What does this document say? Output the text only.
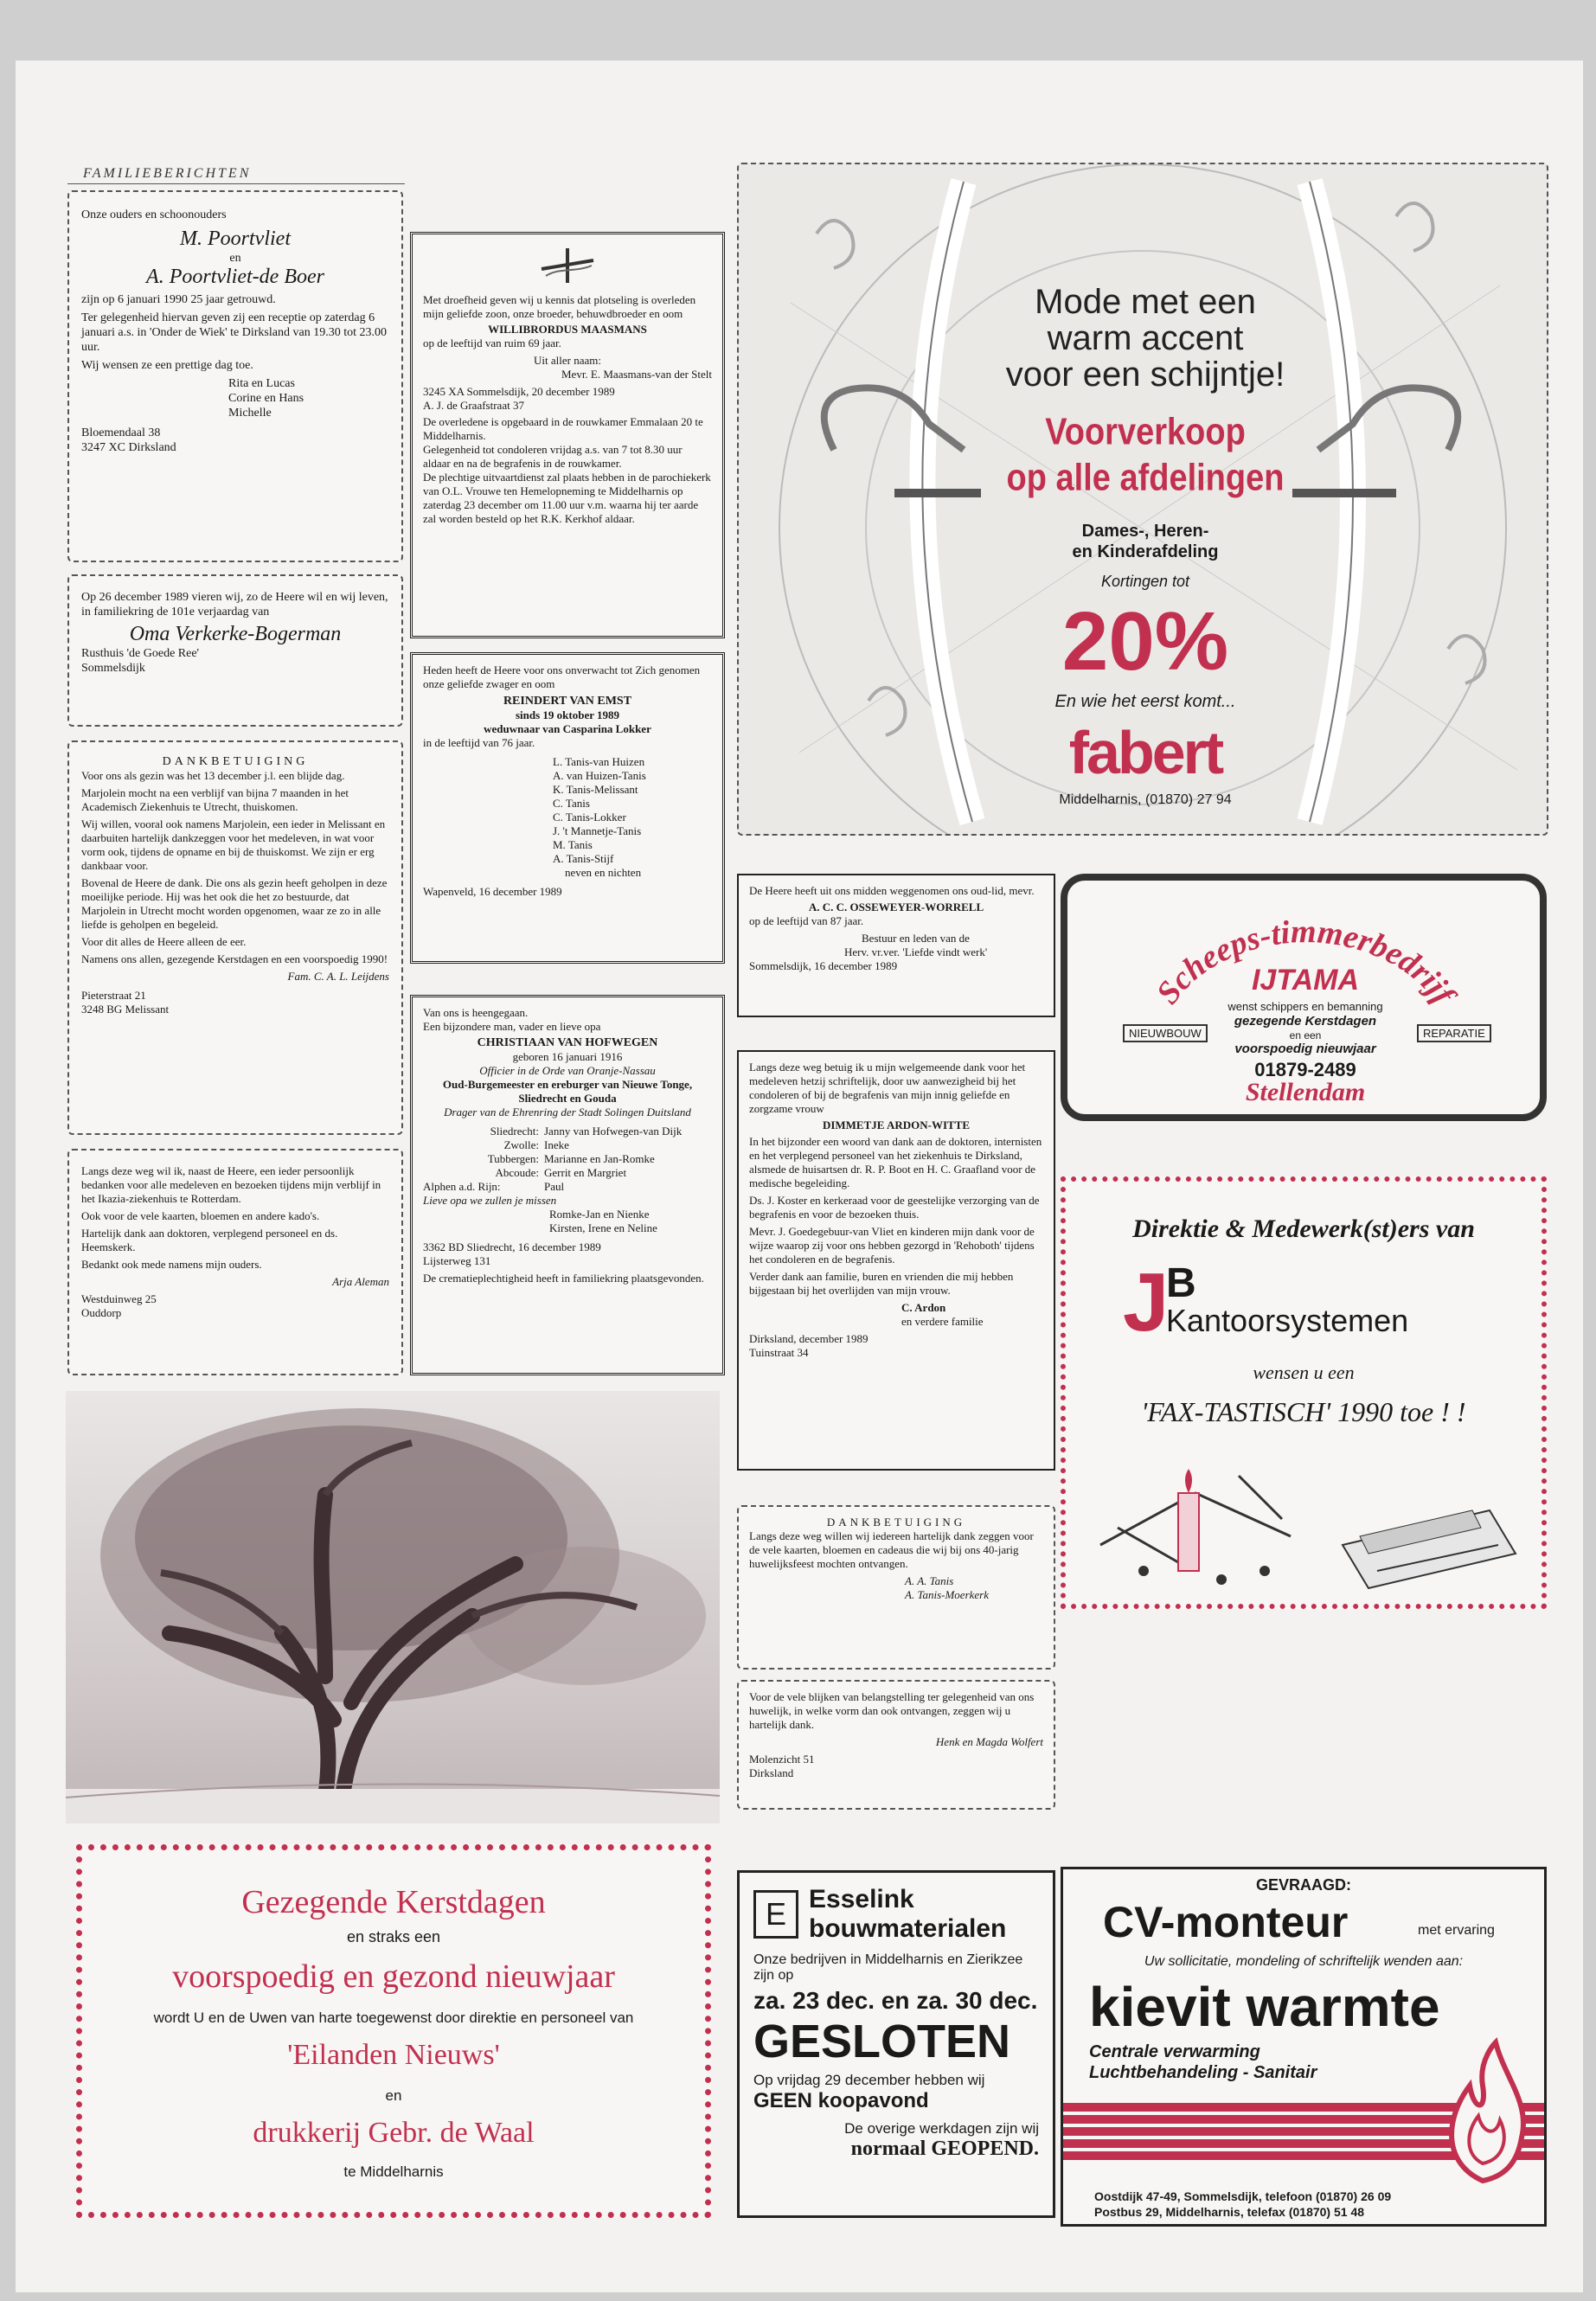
FAMILIEBERICHTEN
Onze ouders en schoonouders
M. Poortvliet
en
A. Poortvliet-de Boer
zijn op 6 januari 1990 25 jaar getrouwd.
Ter gelegenheid hiervan geven zij een receptie op zaterdag 6 januari a.s. in 'Onder de Wiek' te Dirksland van 19.30 tot 23.00 uur.
Wij wensen ze een prettige dag toe.
Rita en Lucas
Corine en Hans
Michelle
Bloemendaal 38
3247 XC Dirksland
Op 26 december 1989 vieren wij, zo de Heere wil en wij leven, in familiekring de 101e verjaardag van
Oma Verkerke-Bogerman
Rusthuis 'de Goede Ree'
Sommelsdijk
DANKBETUIGING
Voor ons als gezin was het 13 december j.l. een blijde dag.
Marjolein mocht na een verblijf van bijna 7 maanden in het Academisch Ziekenhuis te Utrecht, thuiskomen.
Wij willen, vooral ook namens Marjolein, een ieder in Melissant en daarbuiten hartelijk dankzeggen voor het medeleven, in wat voor vorm ook, tijdens de opname en bij de thuiskomst. We zijn er erg dankbaar voor.
Bovenal de Heere de dank. Die ons als gezin heeft geholpen in deze moeilijke periode. Hij was het ook die het zo bestuurde, dat Marjolein in Utrecht mocht worden opgenomen, waar ze zo in alle liefde is geholpen en begeleid.
Voor dit alles de Heere alleen de eer.
Namens ons allen, gezegende Kerstdagen en een voorspoedig 1990!
Fam. C. A. L. Leijdens
Pieterstraat 21
3248 BG Melissant
Langs deze weg wil ik, naast de Heere, een ieder persoonlijk bedanken voor alle medeleven en bezoeken tijdens mijn verblijf in het Ikazia-ziekenhuis te Rotterdam.
Ook voor de vele kaarten, bloemen en andere kado's.
Hartelijk dank aan doktoren, verplegend personeel en ds. Heemskerk.
Bedankt ook mede namens mijn ouders.
Arja Aleman
Westduinweg 25
Ouddorp
Met droefheid geven wij u kennis dat plotseling is overleden mijn geliefde zoon, onze broeder, behuwdbroeder en oom
WILLIBRORDUS MAASMANS
op de leeftijd van ruim 69 jaar.
Uit aller naam:
Mevr. E. Maasmans-van der Stelt
3245 XA Sommelsdijk, 20 december 1989
A. J. de Graafstraat 37
De overledene is opgebaard in de rouwkamer Emmalaan 20 te Middelharnis.
Gelegenheid tot condoleren vrijdag a.s. van 7 tot 8.30 uur aldaar en na de begrafenis in de rouwkamer.
De plechtige uitvaartdienst zal plaats hebben in de parochiekerk van O.L. Vrouwe ten Hemelopneming te Middelharnis op zaterdag 23 december om 11.00 uur v.m. waarna hij ter aarde zal worden besteld op het R.K. Kerkhof aldaar.
Heden heeft de Heere voor ons onverwacht tot Zich genomen onze geliefde zwager en oom
REINDERT VAN EMST
sinds 19 oktober 1989
weduwnaar van Casparina Lokker
in de leeftijd van 76 jaar.
L. Tanis-van Huizen
A. van Huizen-Tanis
K. Tanis-Melissant
C. Tanis
C. Tanis-Lokker
J. 't Mannetje-Tanis
M. Tanis
A. Tanis-Stijf
neven en nichten
Wapenveld, 16 december 1989
Van ons is heengegaan.
Een bijzondere man, vader en lieve opa
CHRISTIAAN VAN HOFWEGEN
geboren 16 januari 1916
Officier in de Orde van Oranje-Nassau
Oud-Burgemeester en ereburger van Nieuwe Tonge, Sliedrecht en Gouda
Drager van de Ehrenring der Stadt Solingen Duitsland
Sliedrecht: Janny van Hofwegen-van Dijk
Zwolle: Ineke
Tubbergen: Marianne en Jan-Romke
Abcoude: Gerrit en Margriet
Alphen a.d. Rijn:	Paul
Lieve opa we zullen je missen
Romke-Jan en Nienke
Kirsten, Irene en Neline
3362 BD Sliedrecht, 16 december 1989
Lijsterweg 131
De crematieplechtigheid heeft in familiekring plaatsgevonden.
Mode met een
warm accent
voor een schijntje!
Voorverkoop
op alle afdelingen
Dames-, Heren-
en Kinderafdeling
Kortingen tot
20%
En wie het eerst komt...
fabert
Middelharnis, (01870) 27 94
De Heere heeft uit ons midden weggenomen ons oud-lid, mevr.
A. C. C. OSSEWEYER-WORRELL
op de leeftijd van 87 jaar.
Bestuur en leden van de
Herv. vr.ver. 'Liefde vindt werk'
Sommelsdijk, 16 december 1989
Langs deze weg betuig ik u mijn welgemeende dank voor het medeleven hetzij schriftelijk, door uw aanwezigheid bij het condoleren of bij de begrafenis van mijn innig geliefde en zorgzame vrouw
DIMMETJE ARDON-WITTE
In het bijzonder een woord van dank aan de doktoren, internisten en het verplegend personeel van het ziekenhuis te Dirksland, alsmede de huisartsen dr. R. P. Boot en H. C. Graafland voor de medische begeleiding.
Ds. J. Koster en kerkeraad voor de geestelijke verzorging van de begrafenis en voor de bezoeken thuis.
Mevr. J. Goedegebuur-van Vliet en kinderen mijn dank voor de wijze waarop zij voor ons hebben gezorgd in 'Rehoboth' tijdens het condoleren en de begrafenis.
Verder dank aan familie, buren en vrienden die mij hebben bijgestaan bij het overlijden van mijn vrouw.
C. Ardon
en verdere familie
Dirksland, december 1989
Tuinstraat 34
Scheeps-timmerbedrijf
IJTAMA
wenst schippers en bemanning
gezegende Kerstdagen
en een
voorspoedig nieuwjaar
NIEUWBOUW	REPARATIE
01879-2489
Stellendam
Direktie & Medewerk(st)ers van
J
B
Kantoorsystemen
wensen u een
'FAX-TASTISCH' 1990 toe ! !
DANKBETUIGING
Langs deze weg willen wij iedereen hartelijk dank zeggen voor de vele kaarten, bloemen en cadeaus die wij bij ons 40-jarig huwelijksfeest mochten ontvangen.
A. A. Tanis
A. Tanis-Moerkerk
Voor de vele blijken van belangstelling ter gelegenheid van ons huwelijk, in welke vorm dan ook ontvangen, zeggen wij u hartelijk dank.
Henk en Magda Wolfert
Molenzicht 51
Dirksland
Gezegende Kerstdagen
en straks een
voorspoedig en gezond nieuwjaar
wordt U en de Uwen van harte toegewenst door direktie en personeel van
'Eilanden Nieuws'
en
drukkerij Gebr. de Waal
te Middelharnis
E Esselink
bouwmaterialen
Onze bedrijven in Middelharnis en Zierikzee zijn op
za. 23 dec. en za. 30 dec.
GESLOTEN
Op vrijdag 29 december hebben wij
GEEN koopavond
De overige werkdagen zijn wij
normaal GEOPEND.
GEVRAAGD:
CV-monteur	met ervaring
Uw sollicitatie, mondeling of schriftelijk wenden aan:
kievit warmte
Centrale verwarming
Luchtbehandeling - Sanitair
Oostdijk 47-49, Sommelsdijk, telefoon (01870) 26 09
Postbus 29, Middelharnis, telefax (01870) 51 48
